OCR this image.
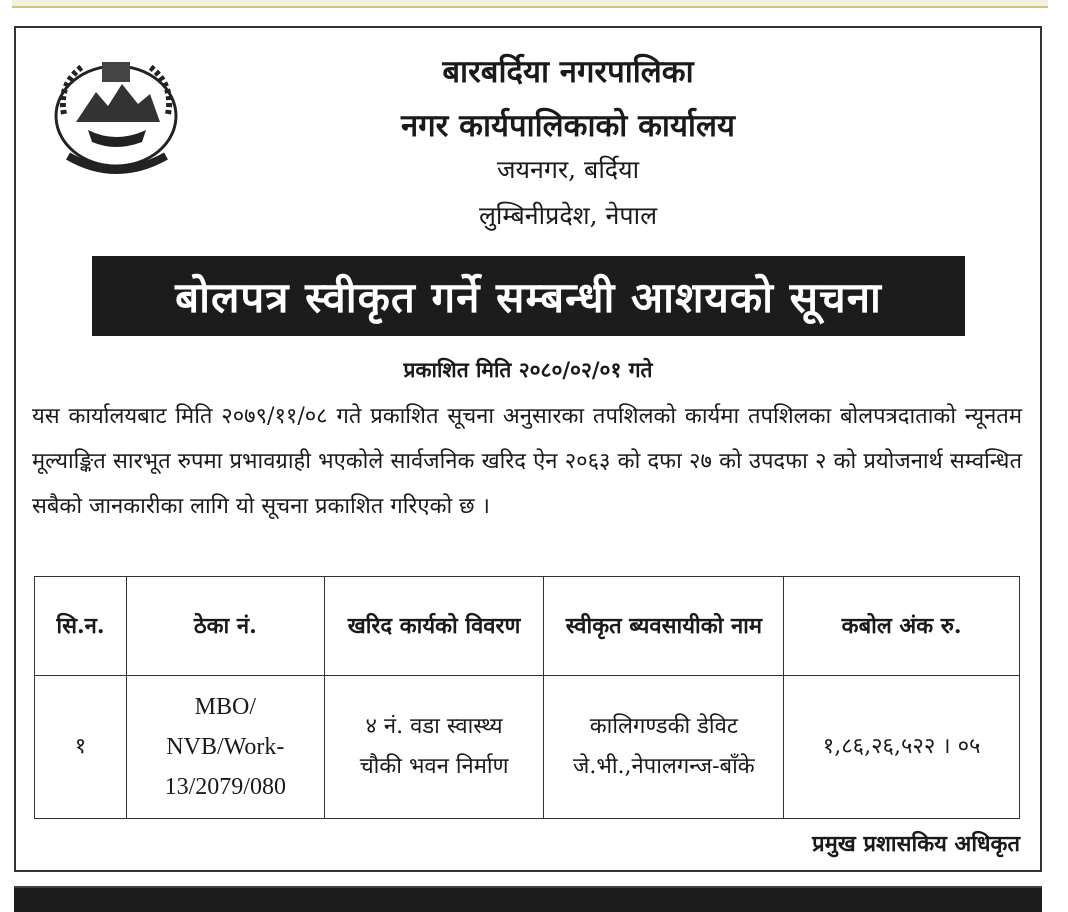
बारबर्दिया नगरपालिका
नगर कार्यपालिकाको कार्यालय
जयनगर, बर्दिया
लुम्बिनीप्रदेश, नेपाल
बोलपत्र स्वीकृत गर्ने सम्बन्धी आशयको सूचना
प्रकाशित मिति २०८०/०२/०१ गते
यस कार्यालयबाट मिति २०७९/११/०८ गते प्रकाशित सूचना अनुसारका तपशिलको कार्यमा तपशिलका बोलपत्रदाताको न्यूनतम मूल्याङ्कित सारभूत रुपमा प्रभावग्राही भएकोले सार्वजनिक खरिद ऐन २०६३ को दफा २७ को उपदफा २ को प्रयोजनार्थ सम्वन्धित सबैको जानकारीका लागि यो सूचना प्रकाशित गरिएको छ ।
सि.न.	ठेका नं.	खरिद कार्यको विवरण	स्वीकृत ब्यवसायीको नाम	कबोल अंक रु.
१	MBO/ NVB/Work-13/2079/080	४ नं. वडा स्वास्थ्य चौकी भवन निर्माण	कालिगण्डकी डेविट जे.भी.,नेपालगन्ज-बाँके	१,८६,२६,५२२ । ०५
प्रमुख प्रशासकिय अधिकृत
